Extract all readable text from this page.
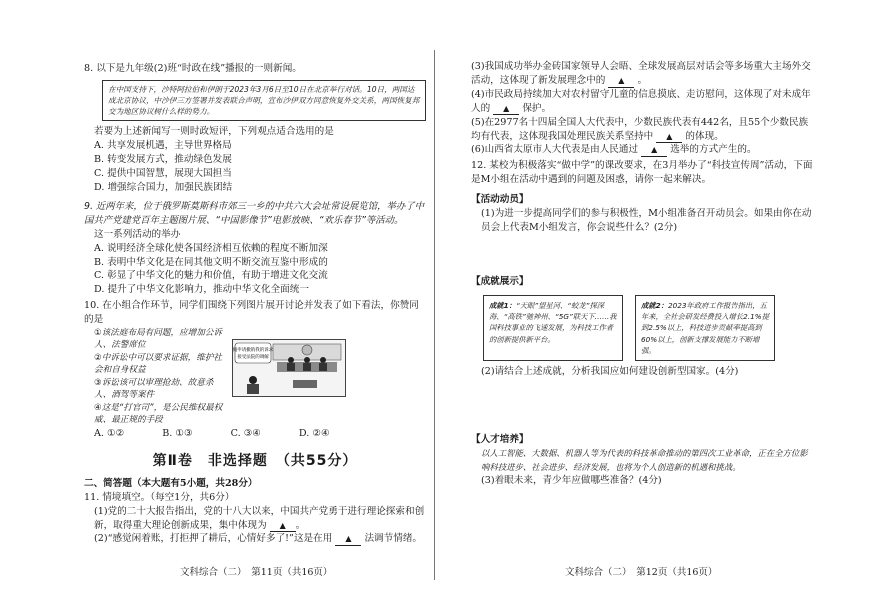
8. 以下是九年级(2)班“时政在线”播报的一则新闻。

在中国支持下，沙特阿拉伯和伊朗于2023年3月6日至10日在北京举行对话。10日，两国达成北京协议，中沙伊三方签署并发表联合声明，宣布沙伊双方同意恢复外交关系，两国恢复邦交为地区协议树什么样的势力。

若要为上述新闻写一则时政短评，下列观点适合选用的是

A. 共享发展机遇，主导世界格局

B. 转变发展方式，推动绿色发展

C. 提供中国智慧，展现大国担当

D. 增强综合国力，加强民族团结

9. 近两年来，位于俄罗斯莫斯科市郊三一乡的中共六大会址常设展览馆，举办了中国共产党建党百年主题图片展、“中国影像节”电影放映、“欢乐春节”等活动。

这一系列活动的举办

A. 说明经济全球化使各国经济相互依赖的程度不断加深

B. 表明中华文化是在同其他文明不断交流互鉴中形成的

C. 彰显了中华文化的魅力和价值，有助于增进文化交流

D. 提升了中华文化影响力，推动中华文化全面统一

10. 在小组合作环节，同学们围绕下列图片展开讨论并发表了如下看法，你赞同的是

①该法庭布局有问题，应增加公诉人、法警席位

②中诉讼中可以要求证据，维护社会和自身权益

③诉讼该可以审理抢劫、故意杀人、酒驾等案件

④这是“打官司”，是公民维权最权威、最正规的手段

A. ①②	B. ①③	C. ③④	D. ②④
第Ⅱ卷　非选择题　（共55分）

二、简答题（本大题有5小题，共28分）

11. 情境填空。（每空1分，共6分）

(1)党的二十大报告指出，党的十八大以来，中国共产党勇于进行理论探索和创新，取得重大理论创新成果，集中体现为 ▲ 。

(2)“感觉闲着账，打拒押了耕后，心情好多了!”这是在用 ▲ 法调节情绪。

俺申请撤销我的诉求
接受法院的调解

(3)我国成功举办金砖国家领导人会晤、全球发展高层对话会等多场重大主场外交活动，这体现了新发展理念中的 ▲ 。

(4)市民政局持续加大对农村留守儿童的信息摸底、走访慰问，这体现了对未成年人的 ▲ 保护。

(5)在2977名十四届全国人大代表中，少数民族代表有442名，且55个少数民族均有代表，这体现我国处理民族关系坚持中 ▲ 的体现。

(6)山西省太原市人大代表是由人民通过 ▲ 选举的方式产生的。

12. 某校为积极落实“做中学”的课改要求，在3月举办了“科技宣传周”活动，下面是M小组在活动中遇到的问题及困惑，请你一起来解决。

【活动动员】

(1)为进一步提高同学们的参与积极性，M小组准备召开动员会。如果由你在动员会上代表M小组发言，你会说些什么？(2分)

【成就展示】

成就1：“天眼”望星河、“蛟龙”探深海、“高铁”驰神州、“5G”联天下……我国科技事业的飞速发展，为科技工作者的创新提供新平台。
成就2：2023年政府工作报告指出，五年来，全社会研发经费投入增长2.1%提到2.5%以上，科技进步贡献率提高到60%以上，创新支撑发展能力不断增强。

(2)请结合上述成就，分析我国应如何建设创新型国家。(4分)

【人才培养】

以人工智能、大数据、机器人等为代表的科技革命推动的第四次工业革命，正在全方位影响科技进步、社会进步、经济发展，也将为个人创造新的机遇和挑战。

(3)着眼未来，青少年应做哪些准备？(4分)

文科综合（二）　第11页（共16页）	文科综合（二）　第12页（共16页）
